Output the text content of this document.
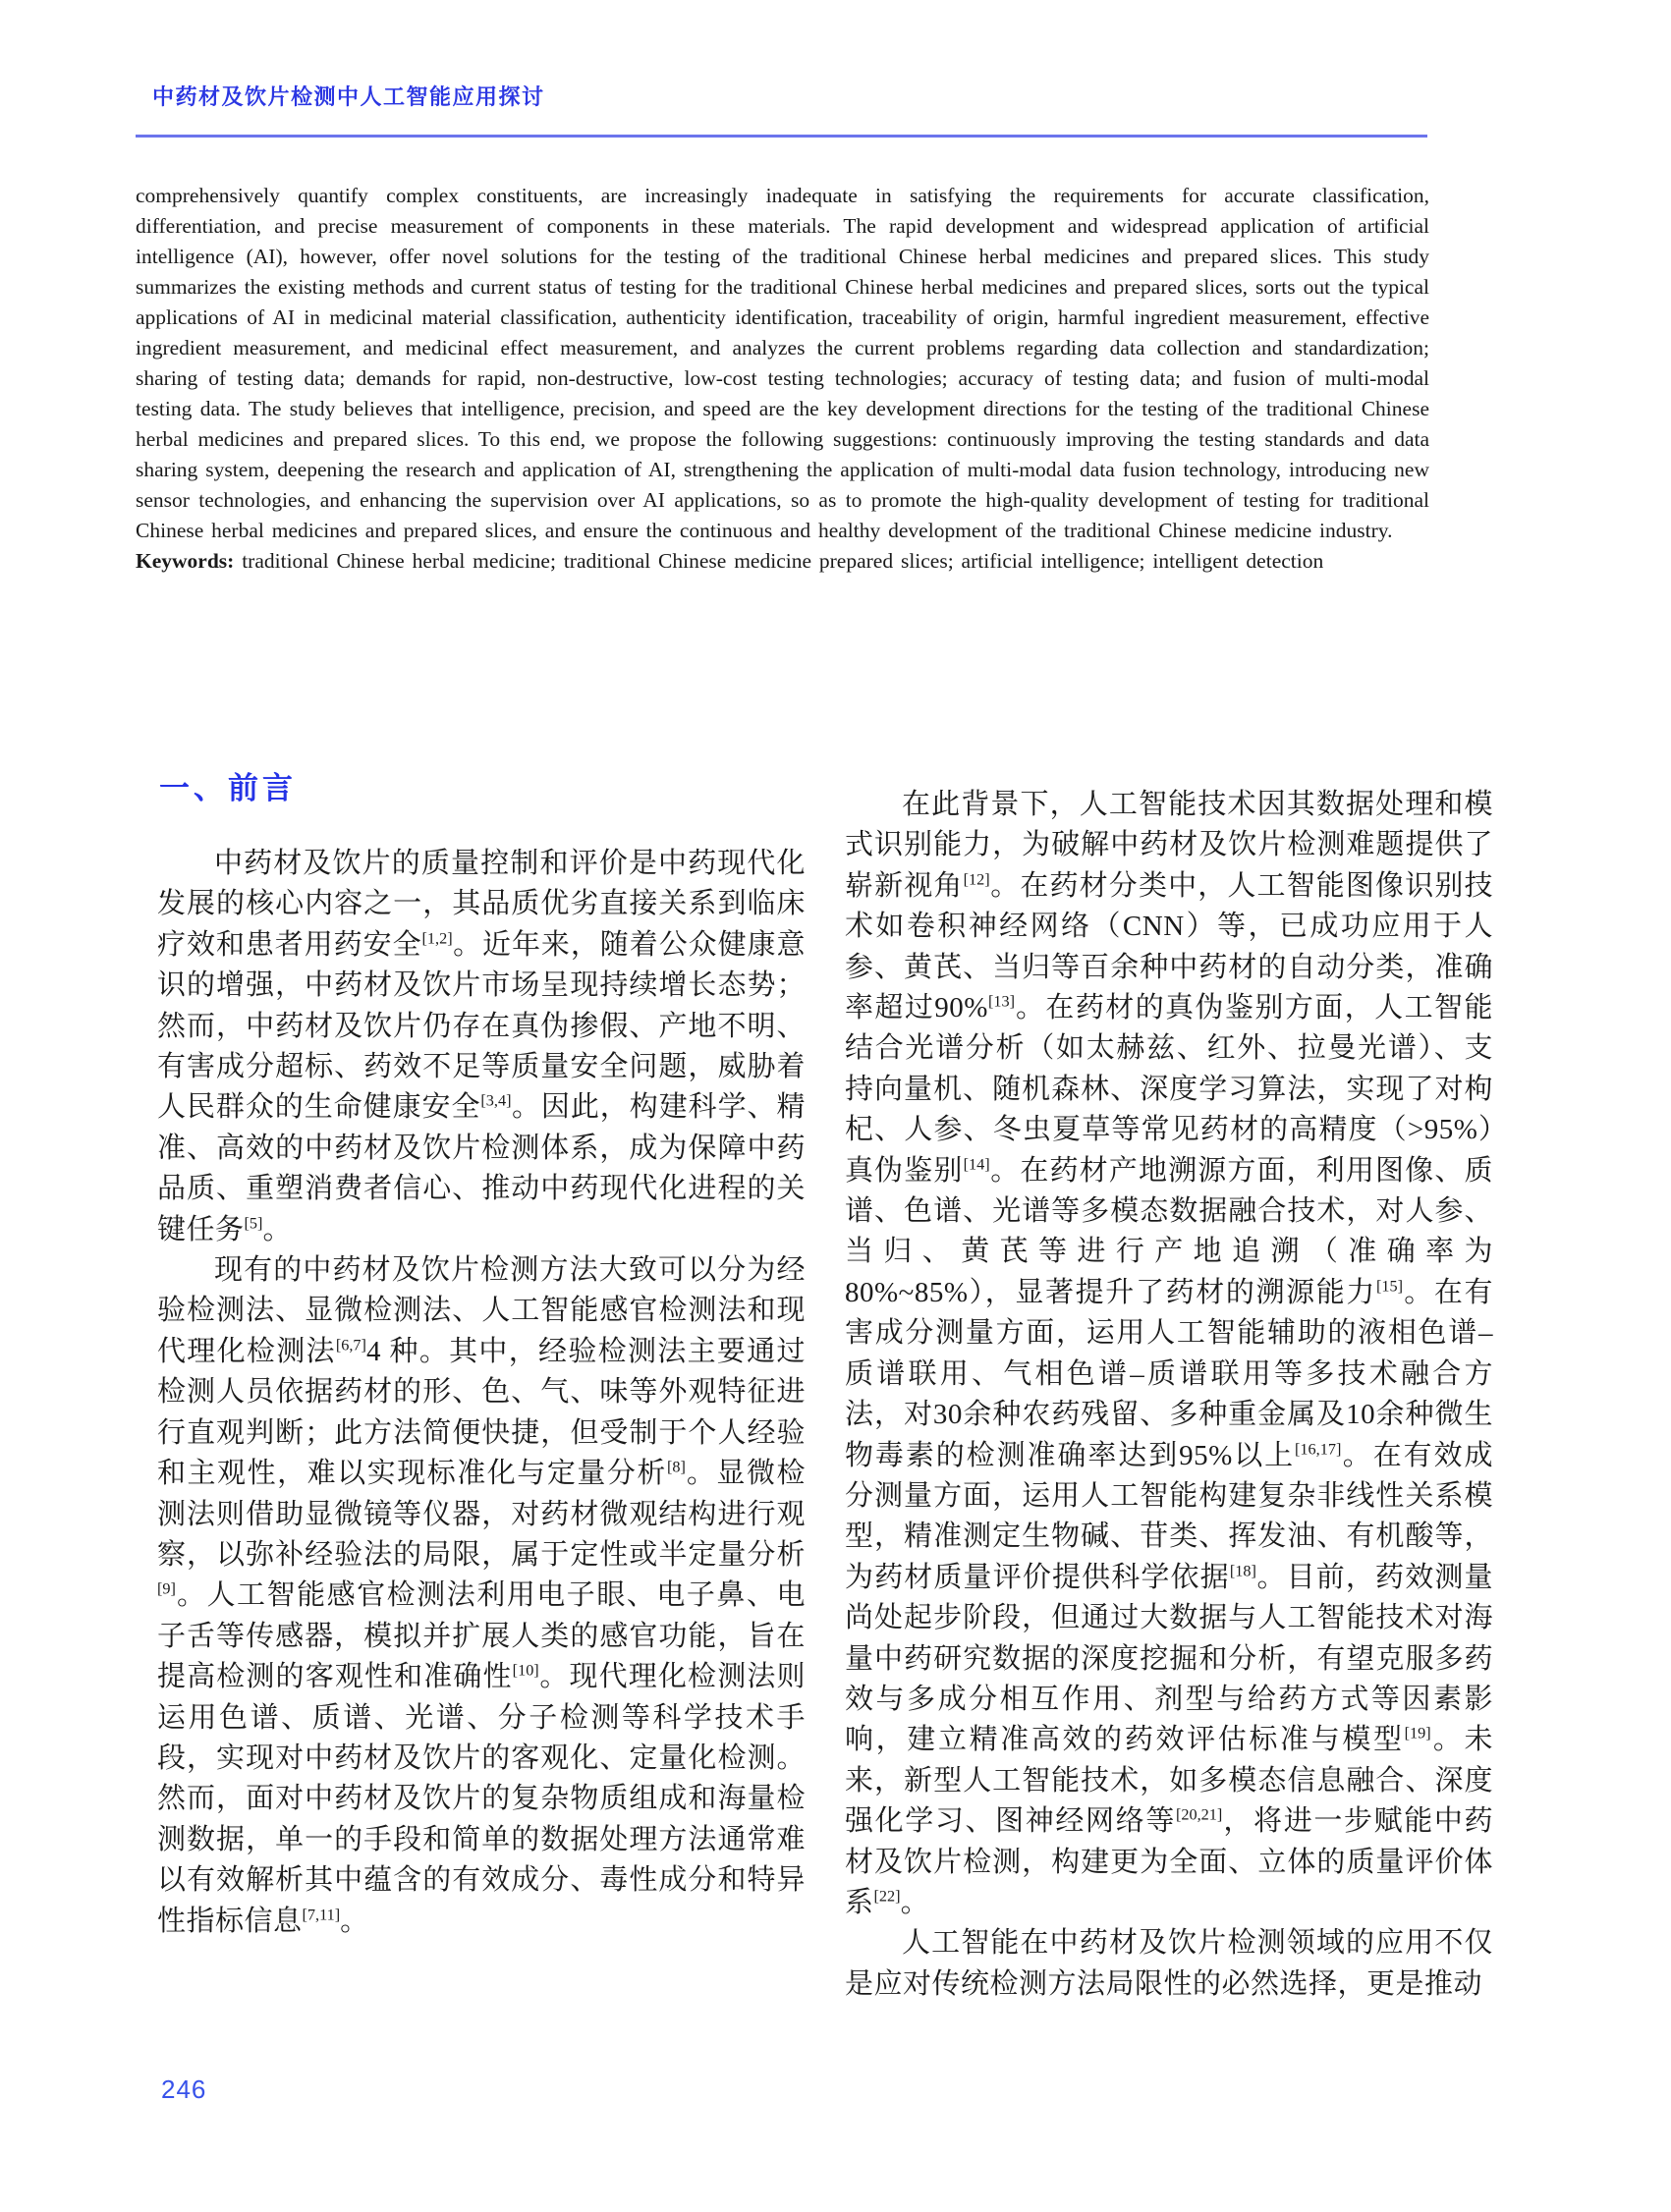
中药材及饮片检测中人工智能应用探讨

comprehensively quantify complex constituents, are increasingly inadequate in satisfying the requirements for accurate classification, differentiation, and precise measurement of components in these materials. The rapid development and widespread application of artificial intelligence (AI), however, offer novel solutions for the testing of the traditional Chinese herbal medicines and prepared slices. This study summarizes the existing methods and current status of testing for the traditional Chinese herbal medicines and prepared slices, sorts out the typical applications of AI in medicinal material classification, authenticity identification, traceability of origin, harmful ingredient measurement, effective ingredient measurement, and medicinal effect measurement, and analyzes the current problems regarding data collection and standardization; sharing of testing data; demands for rapid, non-destructive, low-cost testing technologies; accuracy of testing data; and fusion of multi-modal testing data. The study believes that intelligence, precision, and speed are the key development directions for the testing of the traditional Chinese herbal medicines and prepared slices. To this end, we propose the following suggestions: continuously improving the testing standards and data sharing system, deepening the research and application of AI, strengthening the application of multi-modal data fusion technology, introducing new sensor technologies, and enhancing the supervision over AI applications, so as to promote the high-quality development of testing for traditional Chinese herbal medicines and prepared slices, and ensure the continuous and healthy development of the traditional Chinese medicine industry.

Keywords: traditional Chinese herbal medicine; traditional Chinese medicine prepared slices; artificial intelligence; intelligent detection

一、前言

中药材及饮片的质量控制和评价是中药现代化发展的核心内容之一，其品质优劣直接关系到临床疗效和患者用药安全[1,2]。近年来，随着公众健康意识的增强，中药材及饮片市场呈现持续增长态势；然而，中药材及饮片仍存在真伪掺假、产地不明、有害成分超标、药效不足等质量安全问题，威胁着人民群众的生命健康安全[3,4]。因此，构建科学、精准、高效的中药材及饮片检测体系，成为保障中药品质、重塑消费者信心、推动中药现代化进程的关键任务[5]。

现有的中药材及饮片检测方法大致可以分为经验检测法、显微检测法、人工智能感官检测法和现代理化检测法[6,7]4 种。其中，经验检测法主要通过检测人员依据药材的形、色、气、味等外观特征进行直观判断；此方法简便快捷，但受制于个人经验和主观性，难以实现标准化与定量分析[8]。显微检测法则借助显微镜等仪器，对药材微观结构进行观察，以弥补经验法的局限，属于定性或半定量分析[9]。人工智能感官检测法利用电子眼、电子鼻、电子舌等传感器，模拟并扩展人类的感官功能，旨在提高检测的客观性和准确性[10]。现代理化检测法则运用色谱、质谱、光谱、分子检测等科学技术手段，实现对中药材及饮片的客观化、定量化检测。然而，面对中药材及饮片的复杂物质组成和海量检测数据，单一的手段和简单的数据处理方法通常难以有效解析其中蕴含的有效成分、毒性成分和特异性指标信息[7,11]。

在此背景下，人工智能技术因其数据处理和模式识别能力，为破解中药材及饮片检测难题提供了崭新视角[12]。在药材分类中，人工智能图像识别技术如卷积神经网络（CNN）等，已成功应用于人参、黄芪、当归等百余种中药材的自动分类，准确率超过90%[13]。在药材的真伪鉴别方面，人工智能结合光谱分析（如太赫兹、红外、拉曼光谱）、支持向量机、随机森林、深度学习算法，实现了对枸杞、人参、冬虫夏草等常见药材的高精度（>95%）真伪鉴别[14]。在药材产地溯源方面，利用图像、质谱、色谱、光谱等多模态数据融合技术，对人参、当归、黄芪等进行产地追溯（准确率为80%~85%），显著提升了药材的溯源能力[15]。在有害成分测量方面，运用人工智能辅助的液相色谱–质谱联用、气相色谱–质谱联用等多技术融合方法，对30余种农药残留、多种重金属及10余种微生物毒素的检测准确率达到95%以上[16,17]。在有效成分测量方面，运用人工智能构建复杂非线性关系模型，精准测定生物碱、苷类、挥发油、有机酸等，为药材质量评价提供科学依据[18]。目前，药效测量尚处起步阶段，但通过大数据与人工智能技术对海量中药研究数据的深度挖掘和分析，有望克服多药效与多成分相互作用、剂型与给药方式等因素影响，建立精准高效的药效评估标准与模型[19]。未来，新型人工智能技术，如多模态信息融合、深度强化学习、图神经网络等[20,21]，将进一步赋能中药材及饮片检测，构建更为全面、立体的质量评价体系[22]。

人工智能在中药材及饮片检测领域的应用不仅是应对传统检测方法局限性的必然选择，更是推动

246
